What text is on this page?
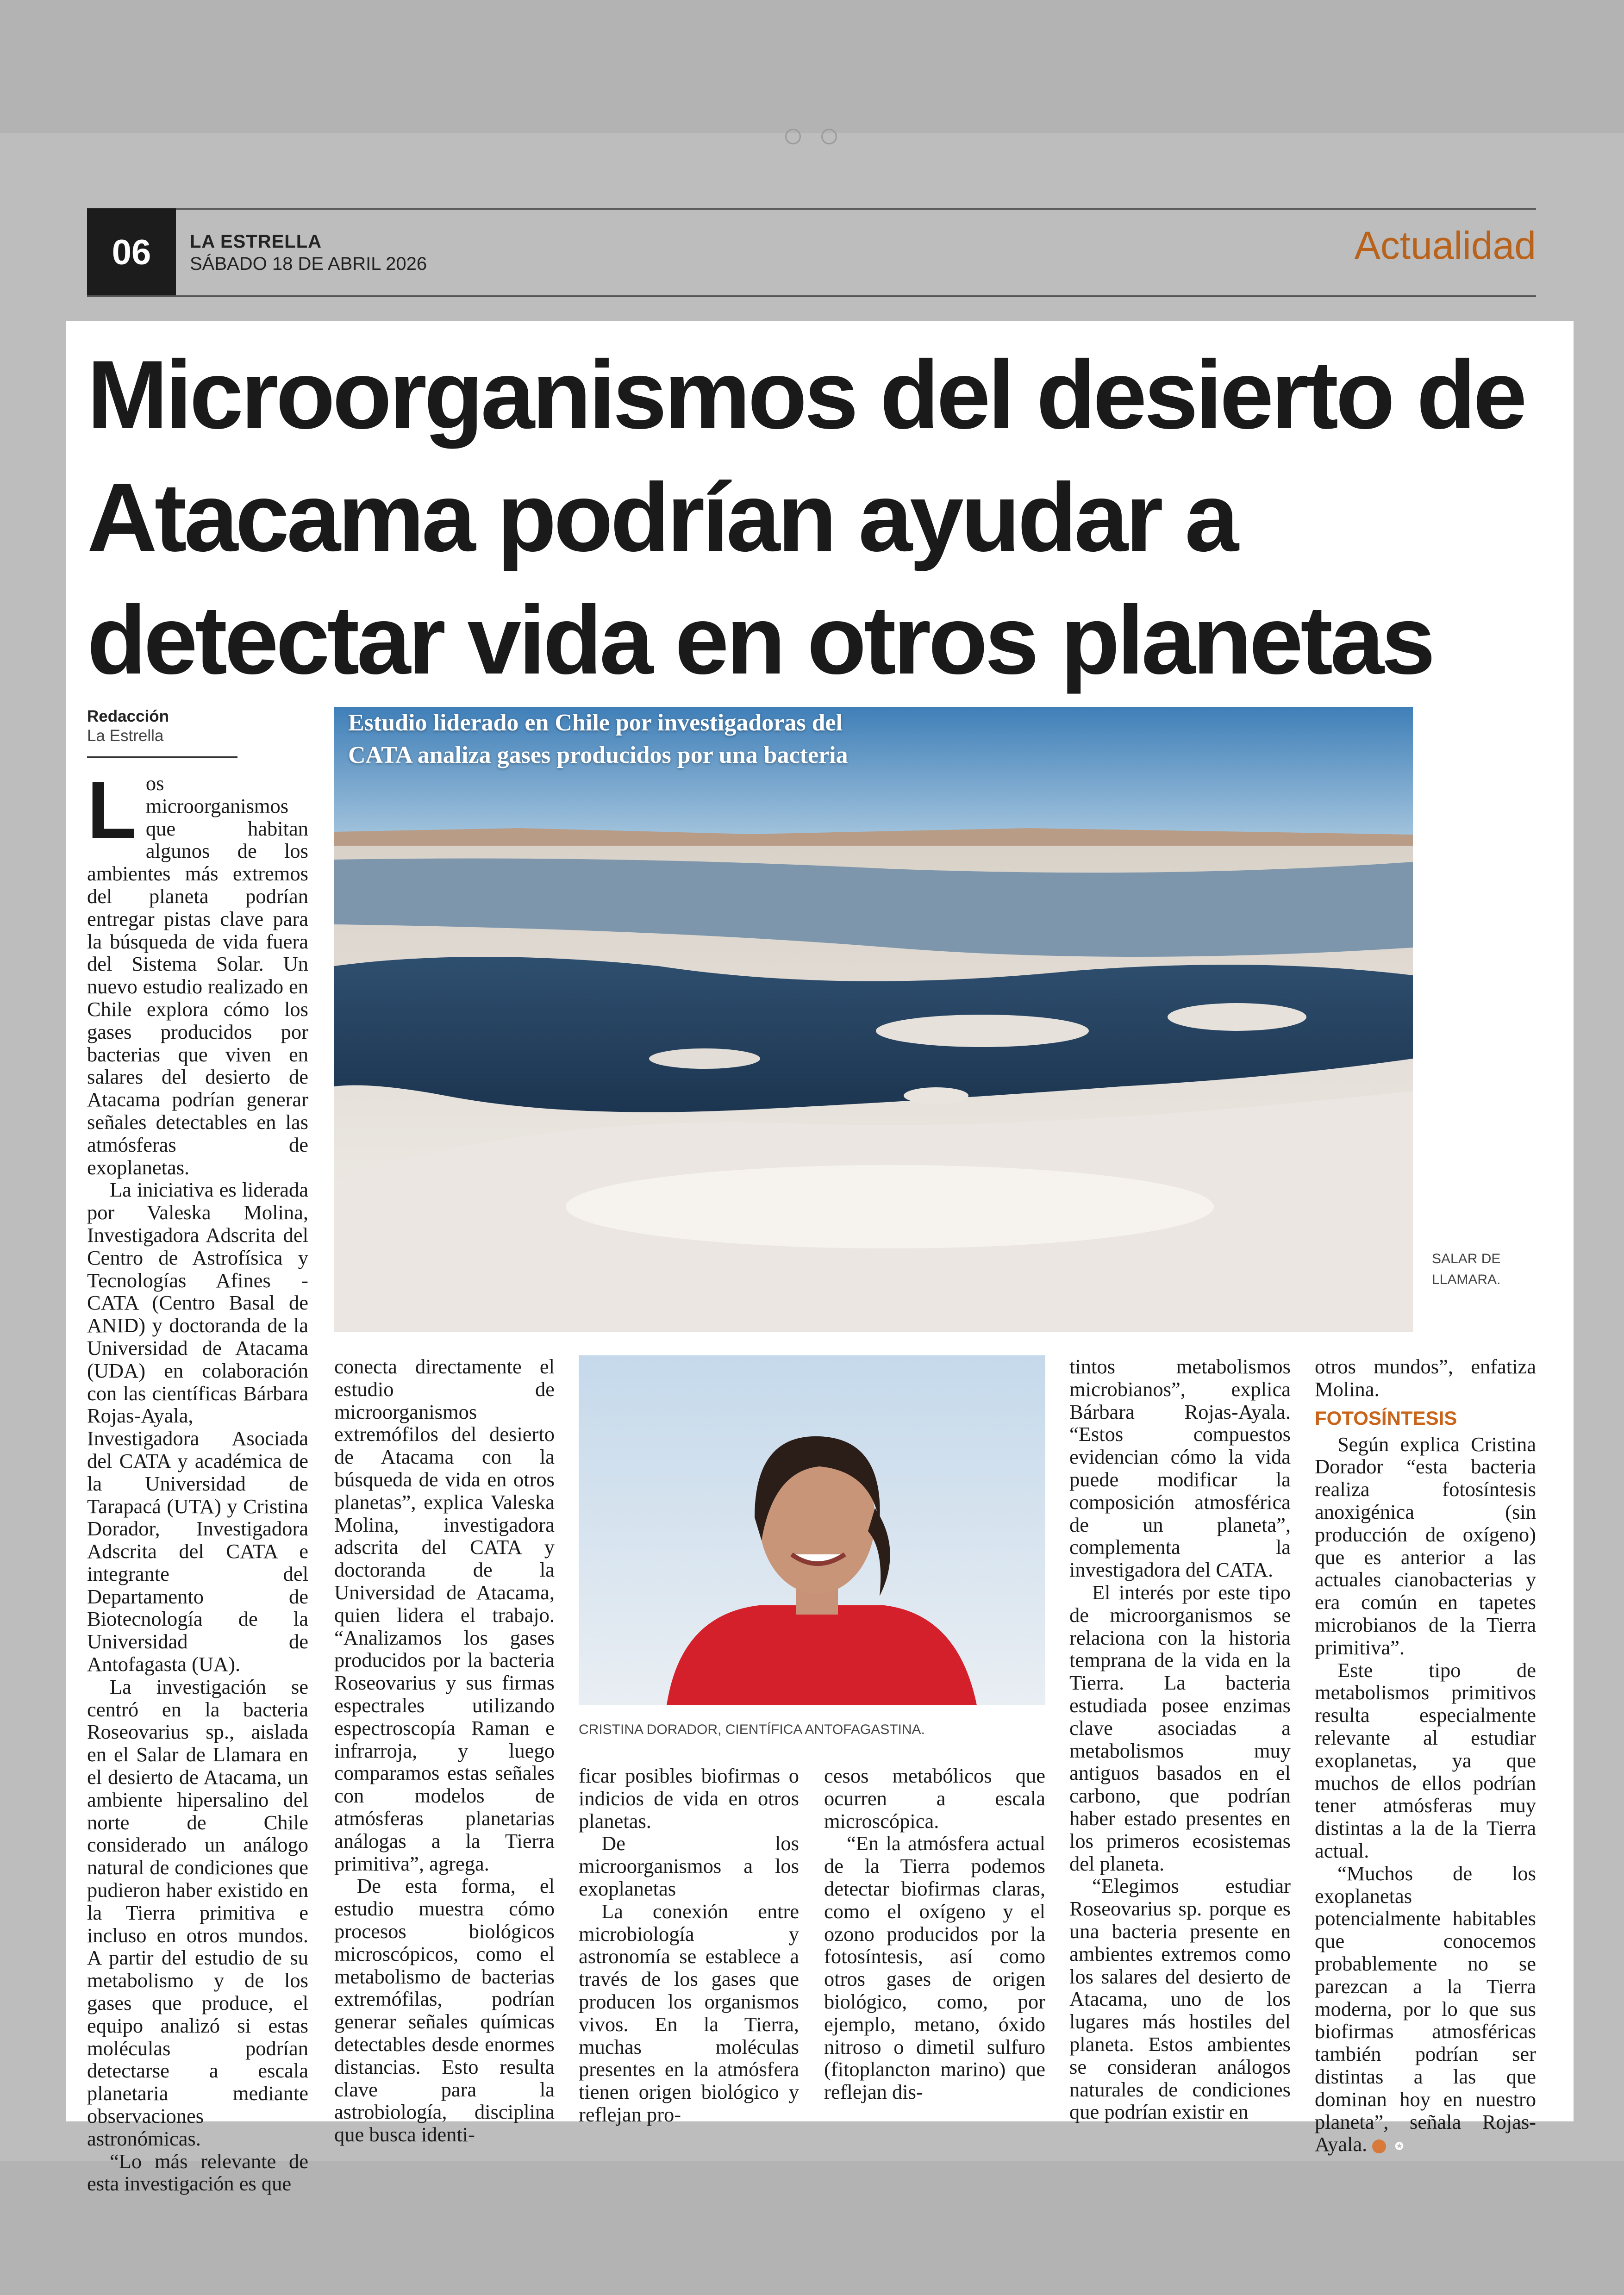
06	LA ESTRELLA
SÁBADO 18 DE ABRIL 2026	Actualidad
Microorganismos del desierto de Atacama podrían ayudar a detectar vida en otros planetas
Redacción
La Estrella	Estudio liderado en Chile por investigadoras del CATA analiza gases producidos por una bacteria

SALAR DE LLAMARA.
CRISTINA DORADOR, CIENTÍFICA ANTOFAGASTINA.

Los microorganismos que habitan algunos de los ambientes más extremos del planeta podrían entregar pistas clave para la búsqueda de vida fuera del Sistema Solar. Un nuevo estudio realizado en Chile explora cómo los gases producidos por bacterias que viven en salares del desierto de Atacama podrían generar señales detectables en las atmósferas de exoplanetas.

La iniciativa es liderada por Valeska Molina, Investigadora Adscrita del Centro de Astrofísica y Tecnologías Afines - CATA (Centro Basal de ANID) y doctoranda de la Universidad de Atacama (UDA) en colaboración con las científicas Bárbara Rojas-Ayala, Investigadora Asociada del CATA y académica de la Universidad de Tarapacá (UTA) y Cristina Dorador, Investigadora Adscrita del CATA e integrante del Departamento de Biotecnología de la Universidad de Antofagasta (UA).

La investigación se centró en la bacteria Roseovarius sp., aislada en el Salar de Llamara en el desierto de Atacama, un ambiente hipersalino del norte de Chile considerado un análogo natural de condiciones que pudieron haber existido en la Tierra primitiva e incluso en otros mundos. A partir del estudio de su metabolismo y de los gases que produce, el equipo analizó si estas moléculas podrían detectarse a escala planetaria mediante observaciones astronómicas.

“Lo más relevante de esta investigación es que

conecta directamente el estudio de microorganismos extremófilos del desierto de Atacama con la búsqueda de vida en otros planetas”, explica Valeska Molina, investigadora adscrita del CATA y doctoranda de la Universidad de Atacama, quien lidera el trabajo. “Analizamos los gases producidos por la bacteria Roseovarius y sus firmas espectrales utilizando espectroscopía Raman e infrarroja, y luego comparamos estas señales con modelos de atmósferas planetarias análogas a la Tierra primitiva”, agrega.

De esta forma, el estudio muestra cómo procesos biológicos microscópicos, como el metabolismo de bacterias extremófilas, podrían generar señales químicas detectables desde enormes distancias. Esto resulta clave para la astrobiología, disciplina que busca identi-

ficar posibles biofirmas o indicios de vida en otros planetas.

De los microorganismos a los exoplanetas

La conexión entre microbiología y astronomía se establece a través de los gases que producen los organismos vivos. En la Tierra, muchas moléculas presentes en la atmósfera tienen origen biológico y reflejan pro-

cesos metabólicos que ocurren a escala microscópica.

“En la atmósfera actual de la Tierra podemos detectar biofirmas claras, como el oxígeno y el ozono producidos por la fotosíntesis, así como otros gases de origen biológico, como, por ejemplo, metano, óxido nitroso o dimetil sulfuro (fitoplancton marino) que reflejan dis-

tintos metabolismos microbianos”, explica Bárbara Rojas-Ayala. “Estos compuestos evidencian cómo la vida puede modificar la composición atmosférica de un planeta”, complementa la investigadora del CATA.

El interés por este tipo de microorganismos se relaciona con la historia temprana de la vida en la Tierra. La bacteria estudiada posee enzimas clave asociadas a metabolismos muy antiguos basados en el carbono, que podrían haber estado presentes en los primeros ecosistemas del planeta.

“Elegimos estudiar Roseovarius sp. porque es una bacteria presente en ambientes extremos como los salares del desierto de Atacama, uno de los lugares más hostiles del planeta. Estos ambientes se consideran análogos naturales de condiciones que podrían existir en

otros mundos”, enfatiza Molina.

FOTOSÍNTESIS

Según explica Cristina Dorador “esta bacteria realiza fotosíntesis anoxigénica (sin producción de oxígeno) que es anterior a las actuales cianobacterias y era común en tapetes microbianos de la Tierra primitiva”.

Este tipo de metabolismos primitivos resulta especialmente relevante al estudiar exoplanetas, ya que muchos de ellos podrían tener atmósferas muy distintas a la de la Tierra actual.

“Muchos de los exoplanetas potencialmente habitables que conocemos probablemente no se parezcan a la Tierra moderna, por lo que sus biofirmas atmosféricas también podrían ser distintas a las que dominan hoy en nuestro planeta”, señala Rojas-Ayala.	✪
